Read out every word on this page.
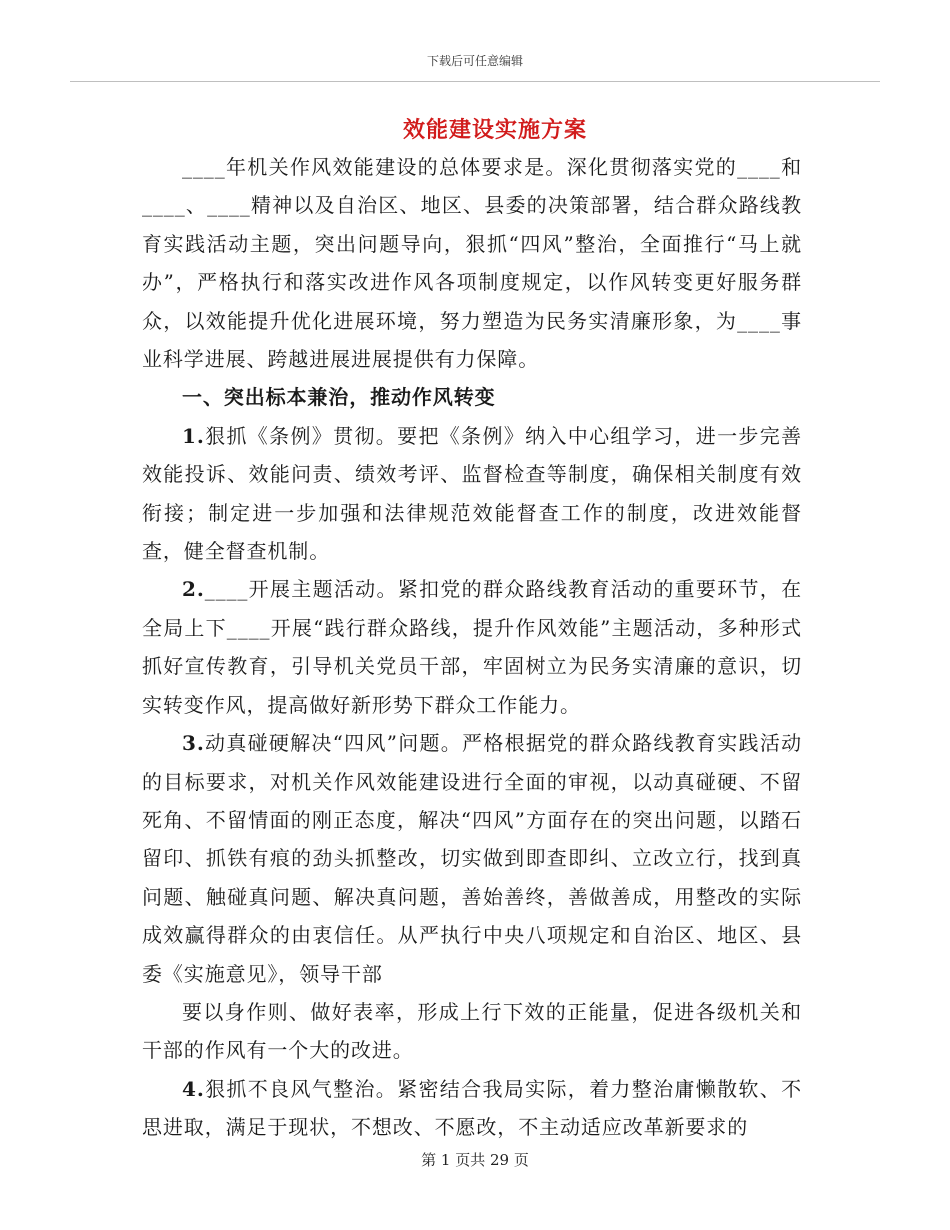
下载后可任意编辑
效能建设实施方案

____年机关作风效能建设的总体要求是。深化贯彻落实党的____和____、____精神以及自治区、地区、县委的决策部署，结合群众路线教育实践活动主题，突出问题导向，狠抓“四风”整治，全面推行“马上就办”，严格执行和落实改进作风各项制度规定，以作风转变更好服务群众，以效能提升优化进展环境，努力塑造为民务实清廉形象，为____事业科学进展、跨越进展进展提供有力保障。

一、突出标本兼治，推动作风转变

1.狠抓《条例》贯彻。要把《条例》纳入中心组学习，进一步完善效能投诉、效能问责、绩效考评、监督检查等制度，确保相关制度有效衔接；制定进一步加强和法律规范效能督查工作的制度，改进效能督查，健全督查机制。

2.____开展主题活动。紧扣党的群众路线教育活动的重要环节，在全局上下____开展“践行群众路线，提升作风效能”主题活动，多种形式抓好宣传教育，引导机关党员干部，牢固树立为民务实清廉的意识，切实转变作风，提高做好新形势下群众工作能力。

3.动真碰硬解决“四风”问题。严格根据党的群众路线教育实践活动的目标要求，对机关作风效能建设进行全面的审视，以动真碰硬、不留死角、不留情面的刚正态度，解决“四风”方面存在的突出问题，以踏石留印、抓铁有痕的劲头抓整改，切实做到即查即纠、立改立行，找到真问题、触碰真问题、解决真问题，善始善终，善做善成，用整改的实际成效赢得群众的由衷信任。从严执行中央八项规定和自治区、地区、县委《实施意见》，领导干部

要以身作则、做好表率，形成上行下效的正能量，促进各级机关和干部的作风有一个大的改进。

4.狠抓不良风气整治。紧密结合我局实际，着力整治庸懒散软、不思进取，满足于现状，不想改、不愿改，不主动适应改革新要求的

第 1 页共 29 页
